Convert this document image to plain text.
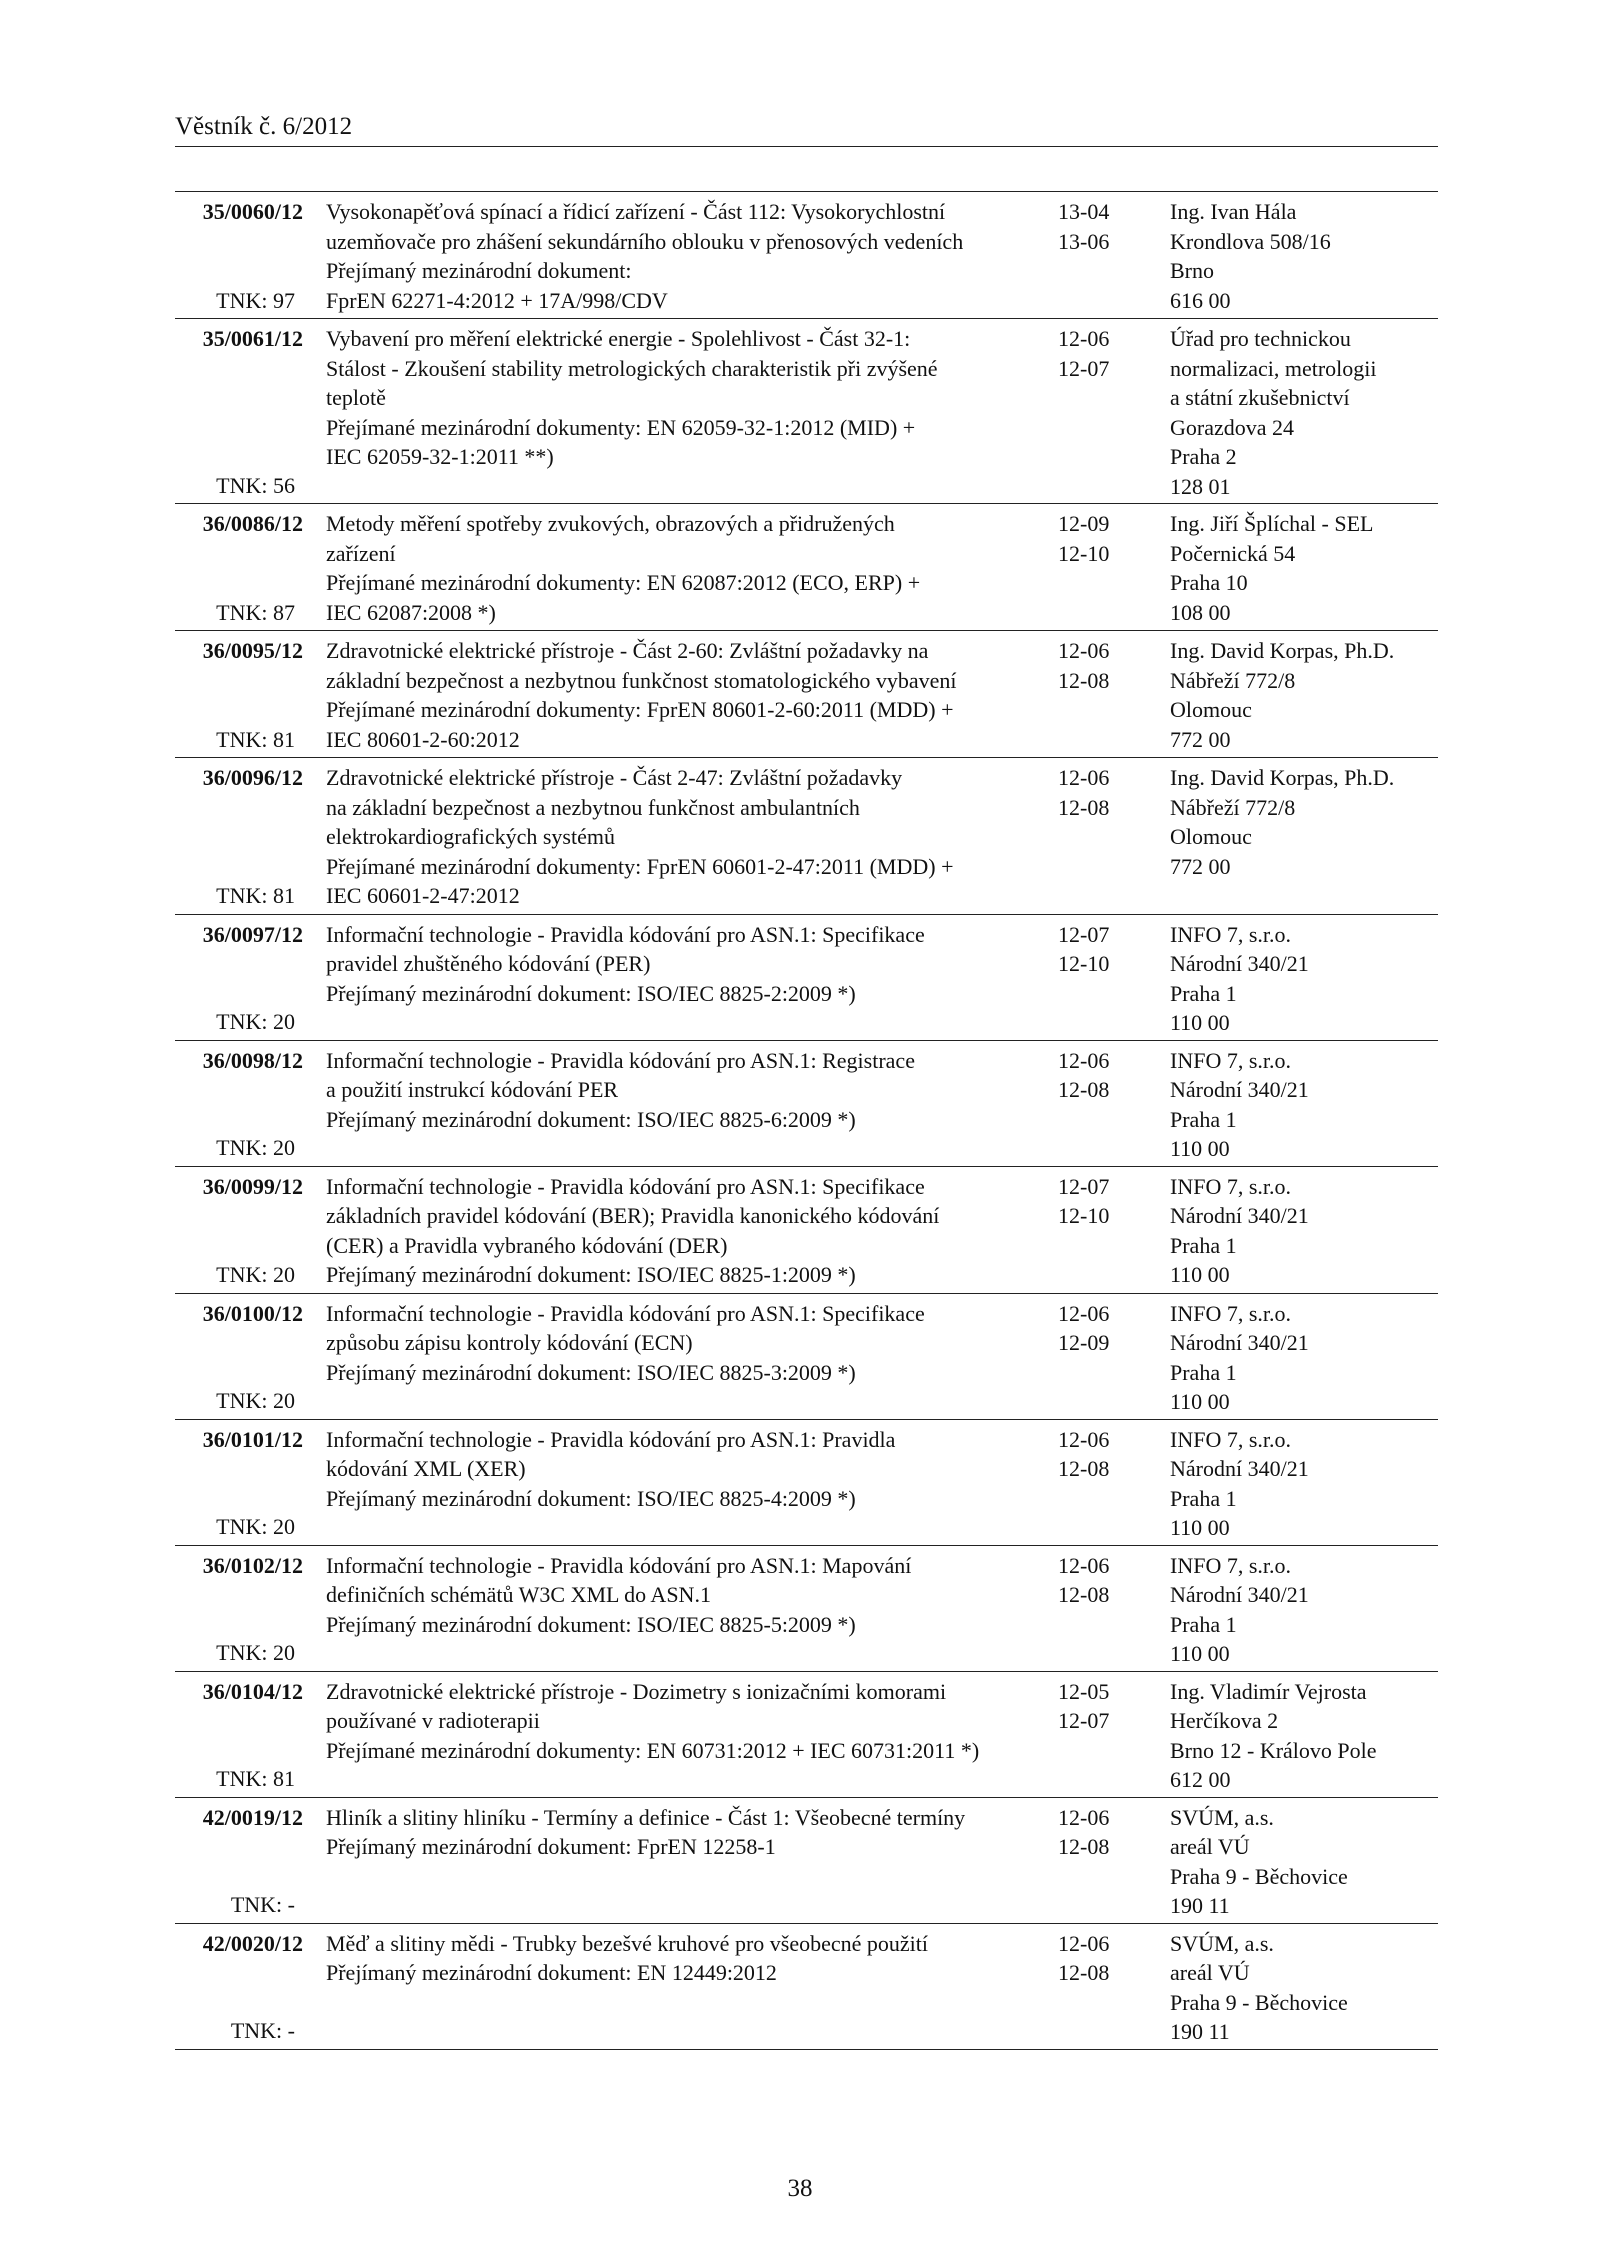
Věstník č. 6/2012
35/0060/12
TNK: 97
Vysokonapěťová spínací a řídicí zařízení - Část 112: Vysokorychlostní
uzemňovače pro zhášení sekundárního oblouku v přenosových vedeních
Přejímaný mezinárodní dokument:
FprEN 62271-4:2012 + 17A/998/CDV
13-04
13-06
Ing. Ivan Hála
Krondlova 508/16
Brno
616 00
35/0061/12
TNK: 56
Vybavení pro měření elektrické energie - Spolehlivost - Část 32-1:
Stálost - Zkoušení stability metrologických charakteristik při zvýšené
teplotě
Přejímané mezinárodní dokumenty: EN 62059-32-1:2012 (MID) +
IEC 62059-32-1:2011 **)
12-06
12-07
Úřad pro technickou
normalizaci, metrologii
a státní zkušebnictví
Gorazdova 24
Praha 2
128 01
36/0086/12
TNK: 87
Metody měření spotřeby zvukových, obrazových a přidružených
zařízení
Přejímané mezinárodní dokumenty: EN 62087:2012 (ECO, ERP) +
IEC 62087:2008 *)
12-09
12-10
Ing. Jiří Šplíchal - SEL
Počernická 54
Praha 10
108 00
36/0095/12
TNK: 81
Zdravotnické elektrické přístroje - Část 2-60: Zvláštní požadavky na
základní bezpečnost a nezbytnou funkčnost stomatologického vybavení
Přejímané mezinárodní dokumenty: FprEN 80601-2-60:2011 (MDD) +
IEC 80601-2-60:2012
12-06
12-08
Ing. David Korpas, Ph.D.
Nábřeží 772/8
Olomouc
772 00
36/0096/12
TNK: 81
Zdravotnické elektrické přístroje - Část 2-47: Zvláštní požadavky
na základní bezpečnost a nezbytnou funkčnost ambulantních
elektrokardiografických systémů
Přejímané mezinárodní dokumenty: FprEN 60601-2-47:2011 (MDD) +
IEC 60601-2-47:2012
12-06
12-08
Ing. David Korpas, Ph.D.
Nábřeží 772/8
Olomouc
772 00
36/0097/12
TNK: 20
Informační technologie - Pravidla kódování pro ASN.1: Specifikace
pravidel zhuštěného kódování (PER)
Přejímaný mezinárodní dokument: ISO/IEC 8825-2:2009 *)
12-07
12-10
INFO 7, s.r.o.
Národní 340/21
Praha 1
110 00
36/0098/12
TNK: 20
Informační technologie - Pravidla kódování pro ASN.1: Registrace
a použití instrukcí kódování PER
Přejímaný mezinárodní dokument: ISO/IEC 8825-6:2009 *)
12-06
12-08
INFO 7, s.r.o.
Národní 340/21
Praha 1
110 00
36/0099/12
TNK: 20
Informační technologie - Pravidla kódování pro ASN.1: Specifikace
základních pravidel kódování (BER); Pravidla kanonického kódování
(CER) a Pravidla vybraného kódování (DER)
Přejímaný mezinárodní dokument: ISO/IEC 8825-1:2009 *)
12-07
12-10
INFO 7, s.r.o.
Národní 340/21
Praha 1
110 00
36/0100/12
TNK: 20
Informační technologie - Pravidla kódování pro ASN.1: Specifikace
způsobu zápisu kontroly kódování (ECN)
Přejímaný mezinárodní dokument: ISO/IEC 8825-3:2009 *)
12-06
12-09
INFO 7, s.r.o.
Národní 340/21
Praha 1
110 00
36/0101/12
TNK: 20
Informační technologie - Pravidla kódování pro ASN.1: Pravidla
kódování XML (XER)
Přejímaný mezinárodní dokument: ISO/IEC 8825-4:2009 *)
12-06
12-08
INFO 7, s.r.o.
Národní 340/21
Praha 1
110 00
36/0102/12
TNK: 20
Informační technologie - Pravidla kódování pro ASN.1: Mapování
definičních schémätů W3C XML do ASN.1
Přejímaný mezinárodní dokument: ISO/IEC 8825-5:2009 *)
12-06
12-08
INFO 7, s.r.o.
Národní 340/21
Praha 1
110 00
36/0104/12
TNK: 81
Zdravotnické elektrické přístroje - Dozimetry s ionizačními komorami
používané v radioterapii
Přejímané mezinárodní dokumenty: EN 60731:2012 + IEC 60731:2011 *)
12-05
12-07
Ing. Vladimír Vejrosta
Herčíkova 2
Brno 12 - Královo Pole
612 00
42/0019/12
TNK: -
Hliník a slitiny hliníku - Termíny a definice - Část 1: Všeobecné termíny
Přejímaný mezinárodní dokument: FprEN 12258-1
12-06
12-08
SVÚM, a.s.
areál VÚ
Praha 9 - Běchovice
190 11
42/0020/12
TNK: -
Měď a slitiny mědi - Trubky bezešvé kruhové pro všeobecné použití
Přejímaný mezinárodní dokument: EN 12449:2012
12-06
12-08
SVÚM, a.s.
areál VÚ
Praha 9 - Běchovice
190 11
38
